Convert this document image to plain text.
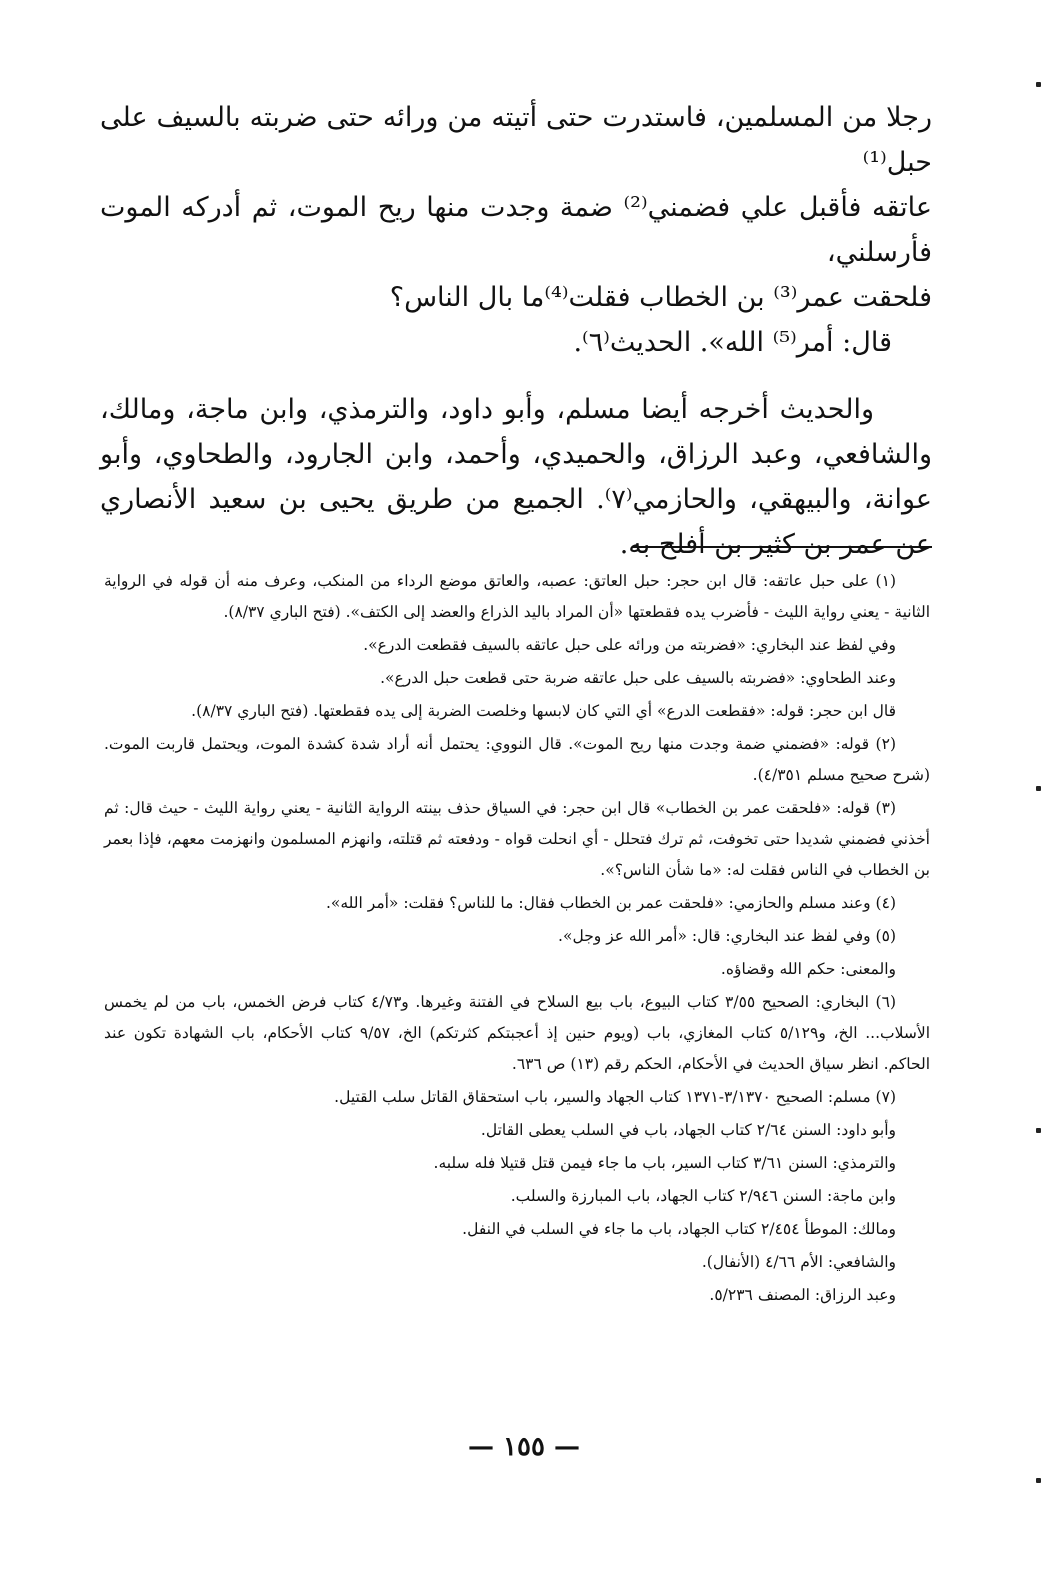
رجلا من المسلمين، فاستدرت حتى أتيته من ورائه حتى ضربته بالسيف على حبل⁽¹⁾

عاتقه فأقبل علي فضمني⁽²⁾ ضمة وجدت منها ريح الموت، ثم أدركه الموت فأرسلني،

فلحقت عمر⁽³⁾ بن الخطاب فقلت⁽⁴⁾ما بال الناس؟

قال: أمر⁽⁵⁾ الله». الحديث⁽٦⁾.

والحديث أخرجه أيضا مسلم، وأبو داود، والترمذي، وابن ماجة، ومالك، والشافعي، وعبد الرزاق، والحميدي، وأحمد، وابن الجارود، والطحاوي، وأبو عوانة، والبيهقي، والحازمي⁽٧⁾. الجميع من طريق يحيى بن سعيد الأنصاري عن عمر بن كثير بن أفلح به.

(١) على حبل عاتقه: قال ابن حجر: حبل العاتق: عصبه، والعاتق موضع الرداء من المنكب، وعرف منه أن قوله في الرواية الثانية - يعني رواية الليث - فأضرب يده فقطعتها «أن المراد باليد الذراع والعضد إلى الكتف». (فتح الباري ٨/٣٧).

وفي لفظ عند البخاري: «فضربته من ورائه على حبل عاتقه بالسيف فقطعت الدرع».

وعند الطحاوي: «فضربته بالسيف على حبل عاتقه ضربة حتى قطعت حبل الدرع».

قال ابن حجر: قوله: «فقطعت الدرع» أي التي كان لابسها وخلصت الضربة إلى يده فقطعتها. (فتح الباري ٨/٣٧).

(٢) قوله: «فضمني ضمة وجدت منها ريح الموت». قال النووي: يحتمل أنه أراد شدة كشدة الموت، ويحتمل قاربت الموت. (شرح صحيح مسلم ٤/٣٥١).

(٣) قوله: «فلحقت عمر بن الخطاب» قال ابن حجر: في السياق حذف بينته الرواية الثانية - يعني رواية الليث - حيث قال: ثم أخذني فضمني شديدا حتى تخوفت، ثم ترك فتحلل - أي انحلت قواه - ودفعته ثم قتلته، وانهزم المسلمون وانهزمت معهم، فإذا بعمر بن الخطاب في الناس فقلت له: «ما شأن الناس؟».

(٤) وعند مسلم والحازمي: «فلحقت عمر بن الخطاب فقال: ما للناس؟ فقلت: «أمر الله».

(٥) وفي لفظ عند البخاري: قال: «أمر الله عز وجل».

والمعنى: حكم الله وقضاؤه.

(٦) البخاري: الصحيح ٣/٥٥ كتاب البيوع، باب بيع السلاح في الفتنة وغيرها. و٤/٧٣ كتاب فرض الخمس، باب من لم يخمس الأسلاب... الخ، و٥/١٢٩ كتاب المغازي، باب (ويوم حنين إذ أعجبتكم كثرتكم) الخ، ٩/٥٧ كتاب الأحكام، باب الشهادة تكون عند الحاكم. انظر سياق الحديث في الأحكام، الحكم رقم (١٣) ص ٦٣٦.

(٧) مسلم: الصحيح ٣/١٣٧٠-١٣٧١ كتاب الجهاد والسير، باب استحقاق القاتل سلب القتيل.

وأبو داود: السنن ٢/٦٤ كتاب الجهاد، باب في السلب يعطى القاتل.

والترمذي: السنن ٣/٦١ كتاب السير، باب ما جاء فيمن قتل قتيلا فله سلبه.

وابن ماجة: السنن ٢/٩٤٦ كتاب الجهاد، باب المبارزة والسلب.

ومالك: الموطأ ٢/٤٥٤ كتاب الجهاد، باب ما جاء في السلب في النفل.

والشافعي: الأم ٤/٦٦ (الأنفال).

وعبد الرزاق: المصنف ٥/٢٣٦.

— ١٥٥ —
